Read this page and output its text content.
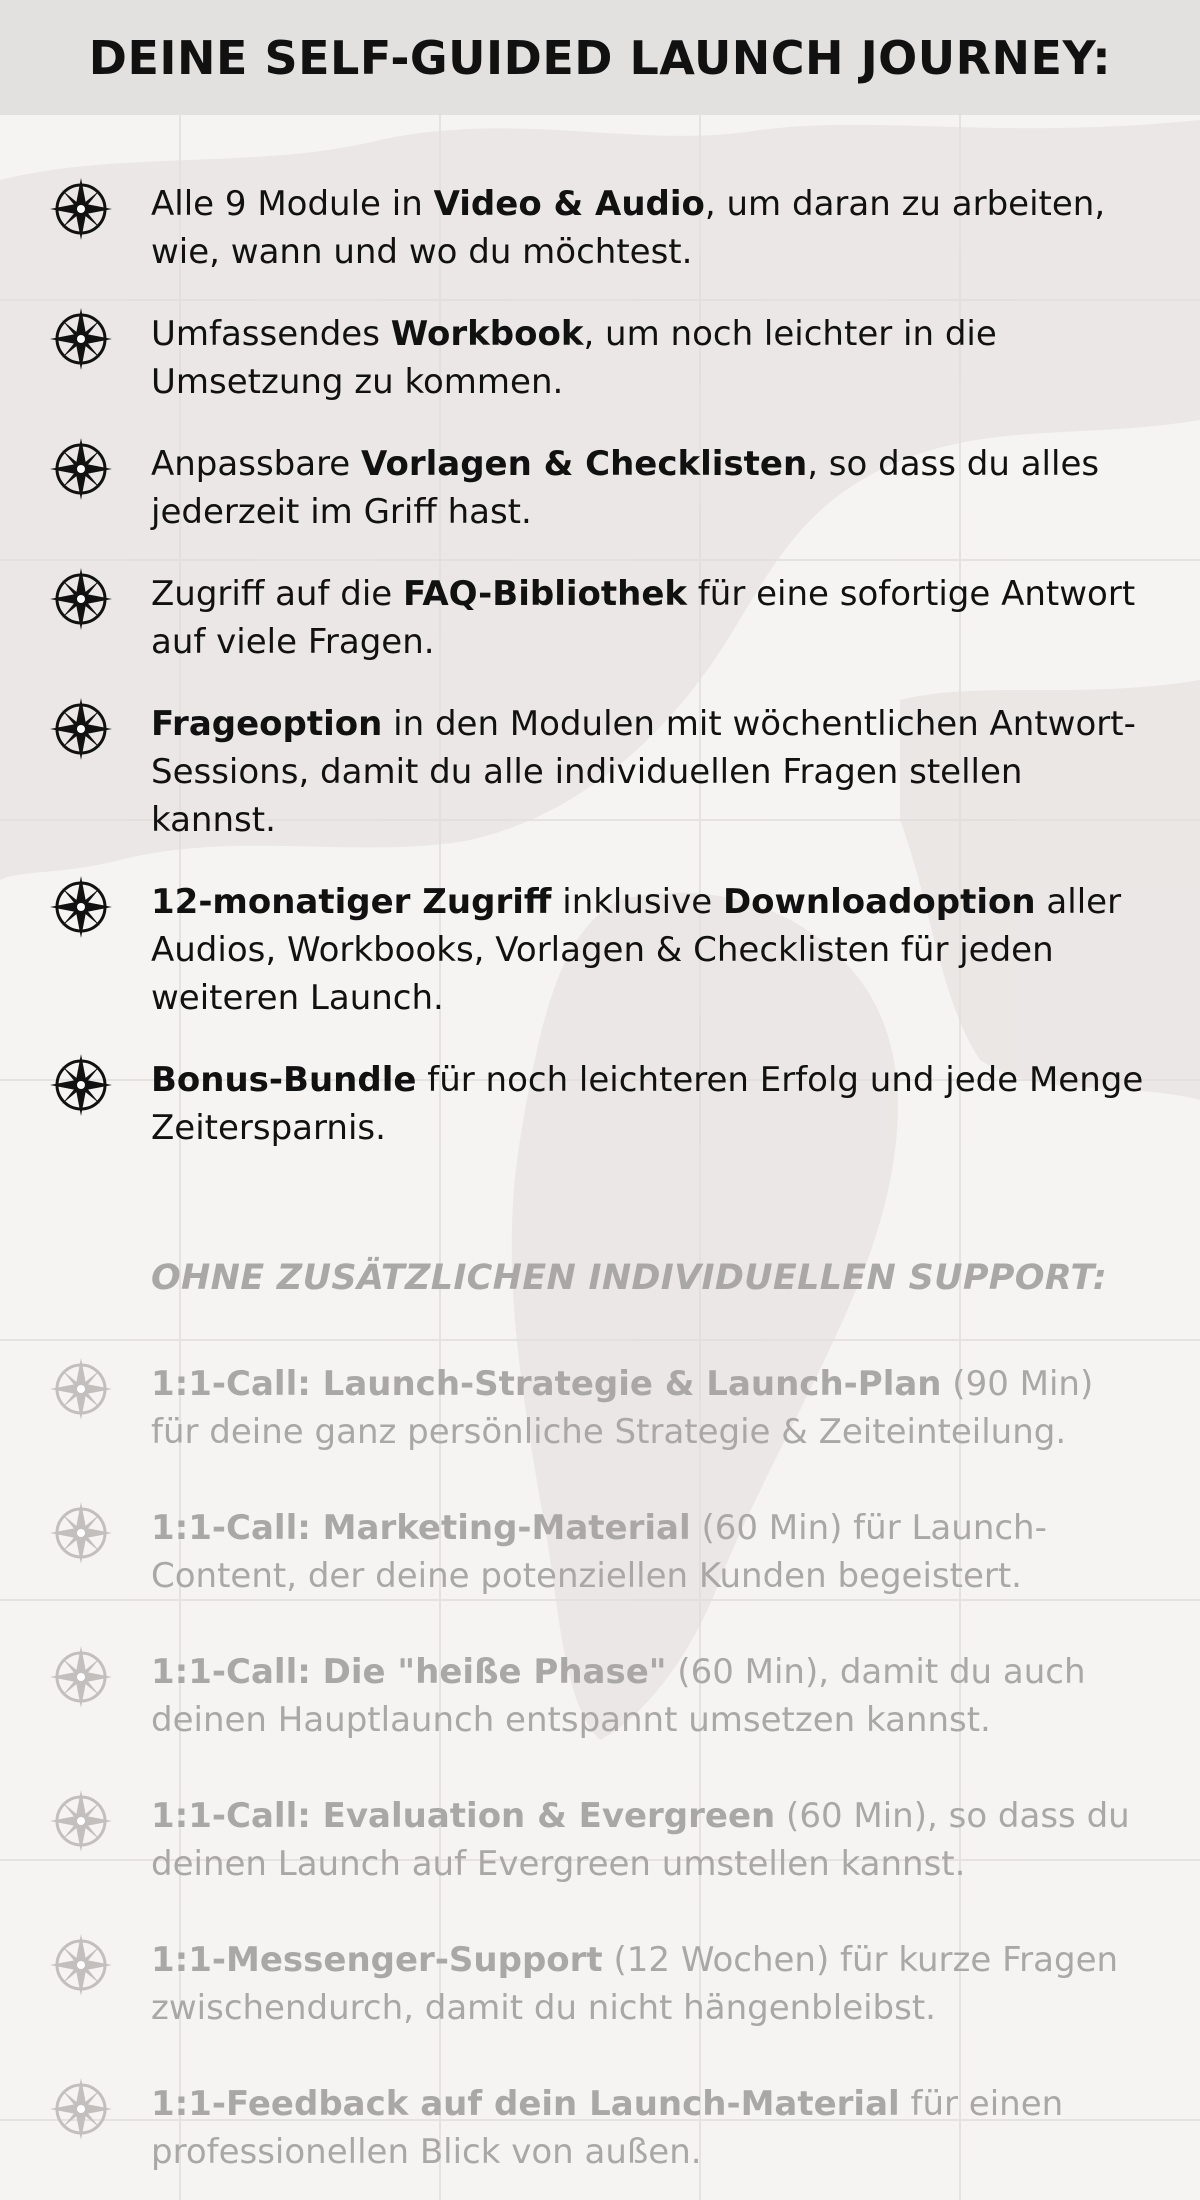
DEINE SELF-GUIDED LAUNCH JOURNEY:
Alle 9 Module in Video & Audio, um daran zu arbeiten, wie, wann und wo du möchtest.
Umfassendes Workbook, um noch leichter in die Umsetzung zu kommen.
Anpassbare Vorlagen & Checklisten, so dass du alles jederzeit im Griff hast.
Zugriff auf die FAQ-Bibliothek für eine sofortige Antwort auf viele Fragen.
Frageoption in den Modulen mit wöchentlichen Antwort-Sessions, damit du alle individuellen Fragen stellen kannst.
12-monatiger Zugriff inklusive Downloadoption aller Audios, Workbooks, Vorlagen & Checklisten für jeden weiteren Launch.
Bonus-Bundle für noch leichteren Erfolg und jede Menge Zeitersparnis.
OHNE ZUSÄTZLICHEN INDIVIDUELLEN SUPPORT:
1:1-Call: Launch-Strategie & Launch-Plan (90 Min) für deine ganz persönliche Strategie & Zeiteinteilung.
1:1-Call: Marketing-Material (60 Min) für Launch-Content, der deine potenziellen Kunden begeistert.
1:1-Call: Die "heiße Phase" (60 Min), damit du auch deinen Hauptlaunch entspannt umsetzen kannst.
1:1-Call: Evaluation & Evergreen (60 Min), so dass du deinen Launch auf Evergreen umstellen kannst.
1:1-Messenger-Support (12 Wochen) für kurze Fragen zwischendurch, damit du nicht hängenbleibst.
1:1-Feedback auf dein Launch-Material für einen professionellen Blick von außen.
